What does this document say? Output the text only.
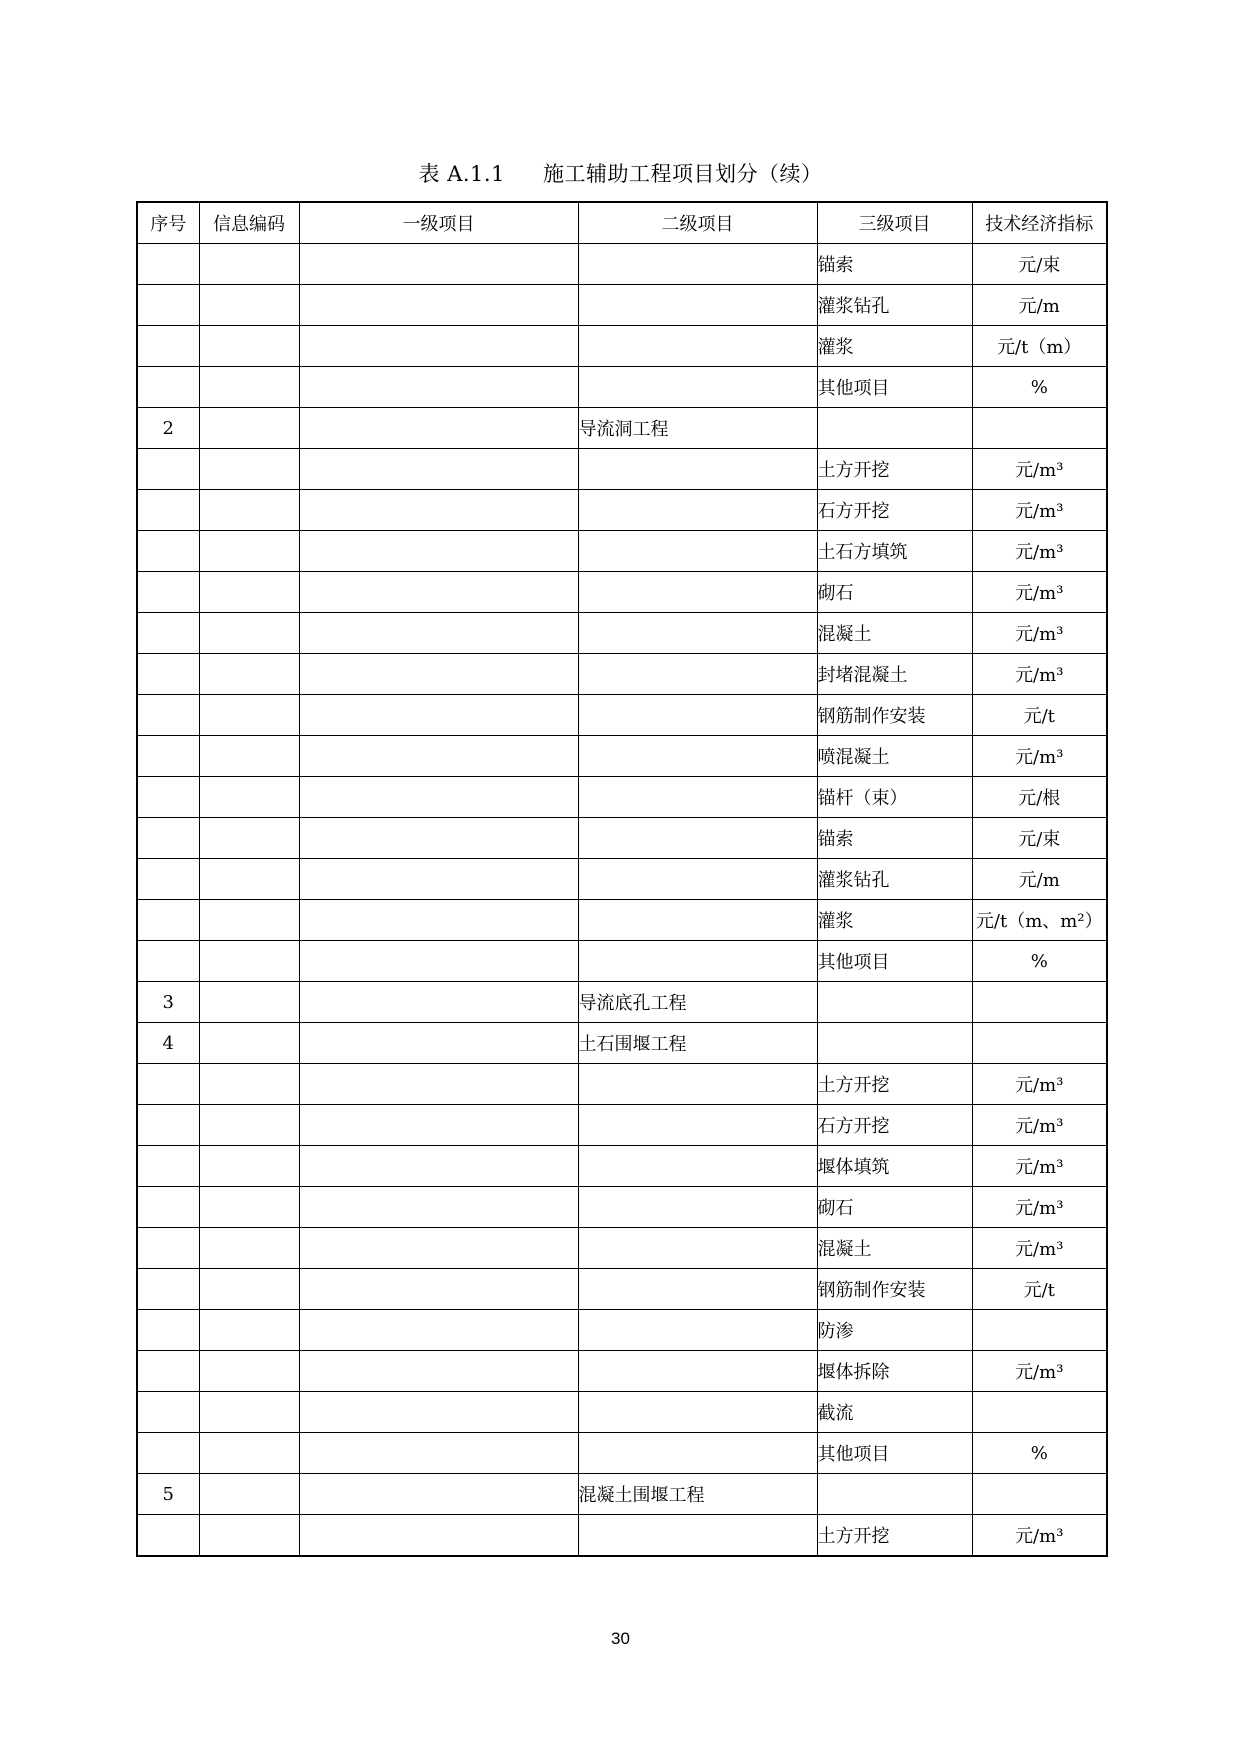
表 A.1.1 施工辅助工程项目划分（续）
序号	信息编码	一级项目	二级项目	三级项目	技术经济指标
				锚索	元/束
				灌浆钻孔	元/m
				灌浆	元/t（m）
				其他项目	%
2			导流洞工程		
				土方开挖	元/m³
				石方开挖	元/m³
				土石方填筑	元/m³
				砌石	元/m³
				混凝土	元/m³
				封堵混凝土	元/m³
				钢筋制作安装	元/t
				喷混凝土	元/m³
				锚杆（束）	元/根
				锚索	元/束
				灌浆钻孔	元/m
				灌浆	元/t（m、m²）
				其他项目	%
3			导流底孔工程		
4			土石围堰工程		
				土方开挖	元/m³
				石方开挖	元/m³
				堰体填筑	元/m³
				砌石	元/m³
				混凝土	元/m³
				钢筋制作安装	元/t
				防渗	
				堰体拆除	元/m³
				截流	
				其他项目	%
5			混凝土围堰工程		
				土方开挖	元/m³
30
